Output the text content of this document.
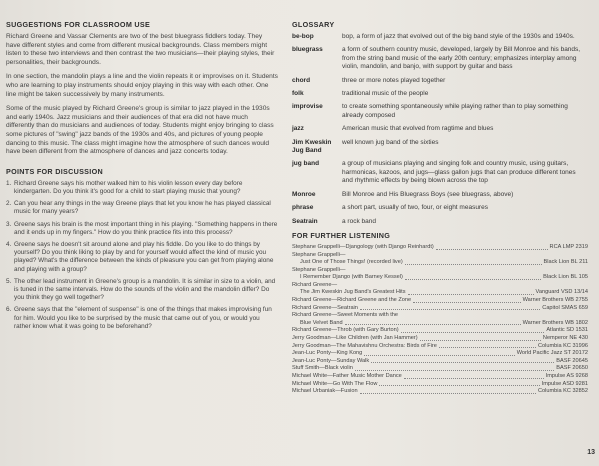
SUGGESTIONS FOR CLASSROOM USE

Richard Greene and Vassar Clements are two of the best bluegrass fiddlers today. They have different styles and come from different musical backgrounds. Class members might listen to these two interviews and then contrast the two musicians—their playing styles, their personalities, their backgrounds.

In one section, the mandolin plays a line and the violin repeats it or improvises on it. Students who are learning to play instruments should enjoy playing in this way with each other. One line might be taken successively by many instruments.

Some of the music played by Richard Greene's group is similar to jazz played in the 1930s and early 1940s. Jazz musicians and their audiences of that era did not have much differently than do musicians and audiences of today. Students might enjoy bringing to class some pictures of "swing" jazz bands of the 1930s and 40s, and pictures of young people dancing to this music. The class might imagine how the atmosphere of such dances would have been different from the atmosphere of dances and jazz concerts today.

POINTS FOR DISCUSSION
1. Richard Greene says his mother walked him to his violin lesson every day before kindergarten. Do you think it's good for a child to start playing music that young?
2. Can you hear any things in the way Greene plays that let you know he has played classical music for many years?
3. Greene says his brain is the most important thing in his playing. "Something happens in there and it ends up in my fingers." How do you think practice fits into this process?
4. Greene says he doesn't sit around alone and play his fiddle. Do you like to do things by yourself? Do you think liking to play by and for yourself would affect the kind of music you played? What's the difference between the kinds of pleasure you can get from playing alone and playing with a group?
5. The other lead instrument in Greene's group is a mandolin. It is similar in size to a violin, and is tuned in the same intervals. How do the sounds of the violin and the mandolin differ? Do you think they go well together?
6. Greene says that the "element of suspense" is one of the things that makes improvising fun for him. Would you like to be surprised by the music that came out of you, or would you rather know what it was going to be beforehand?
GLOSSARY
be-bop	bop, a form of jazz that evolved out of the big band style of the 1930s and 1940s.
bluegrass	a form of southern country music, developed, largely by Bill Monroe and his bands, from the string band music of the early 20th century; emphasizes interplay among violin, mandolin, and banjo, with support by guitar and bass
chord	three or more notes played together
folk	traditional music of the people
improvise	to create something spontaneously while playing rather than to play something already composed
jazz	American music that evolved from ragtime and blues
Jim Kweskin Jug Band	well known jug band of the sixties
jug band	a group of musicians playing and singing folk and country music, using guitars, harmonicas, kazoos, and jugs—glass gallon jugs that can produce different tones and rhythmic effects by being blown across the top
Monroe	Bill Monroe and His Bluegrass Boys (see bluegrass, above)
phrase	a short part, usually of two, four, or eight measures
Seatrain	a rock band
FOR FURTHER LISTENING
Stephane Grappelli—Djangology (with Django Reinhardt)	RCA LMP 2319
Stephane Grappelli—
Just One of Those Things! (recorded live)	Black Lion BL 211
Stephane Grappelli—
I Remember Django (with Barney Kessel)	Black Lion BL 105
Richard Greene—
The Jim Kweskin Jug Band's Greatest Hits	Vanguard VSD 13/14
Richard Greene—Richard Greene and the Zone	Warner Brothers WB 2755
Richard Greene—Seatrain	Capitol SMAS 659
Richard Greene—Sweet Moments with the
Blue Velvet Band	Warner Brothers WB 1802
Richard Greene—Throb (with Gary Burton)	Atlantic SD 1531
Jerry Goodman—Like Children (with Jan Hammer)	Nemperor NE 430
Jerry Goodman—The Mahavishnu Orchestra: Birds of Fire	Columbia KC 31996
Jean-Luc Ponty—King Kong	World Pacific Jazz ST 20172
Jean-Luc Ponty—Sunday Walk	BASF 20645
Stuff Smith—Black violin	BASF 20650
Michael White—Father Music Mother Dance	Impulse AS 9268
Michael White—Go With The Flow	Impulse ASD 9281
Michael Urbaniak—Fusion	Columbia KC 32852
13
